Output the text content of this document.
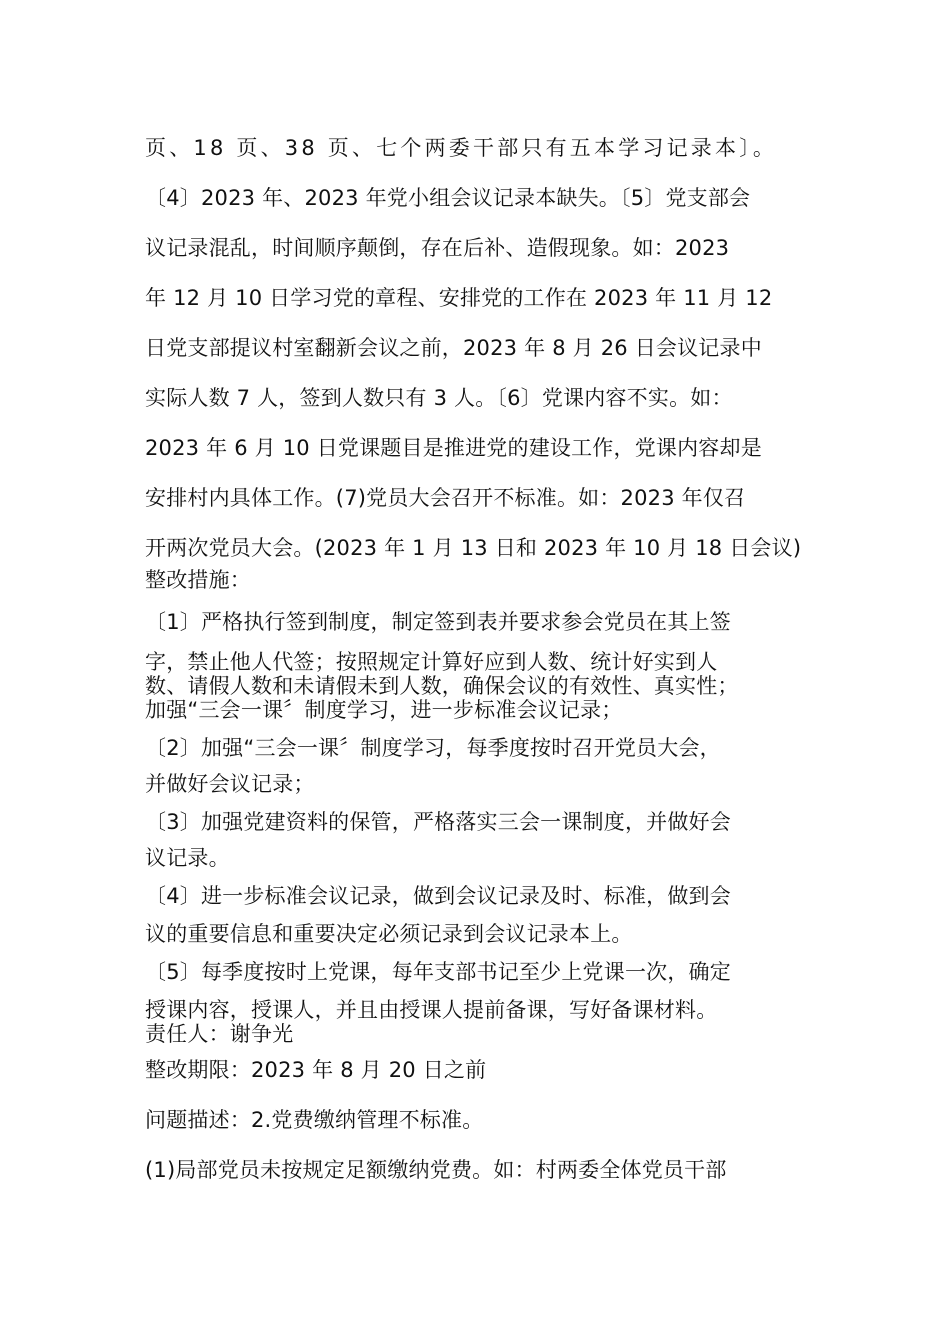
页、18 页、38 页、七个两委干部只有五本学习记录本〕。
〔4〕2023 年、2023 年党小组会议记录本缺失。〔5〕党支部会
议记录混乱，时间顺序颠倒，存在后补、造假现象。如：2023
年 12 月 10 日学习党的章程、安排党的工作在 2023 年 11 月 12
日党支部提议村室翻新会议之前，2023 年 8 月 26 日会议记录中
实际人数 7 人，签到人数只有 3 人。〔6〕党课内容不实。如：
2023 年 6 月 10 日党课题目是推进党的建设工作，党课内容却是
安排村内具体工作。(7)党员大会召开不标准。如：2023 年仅召
开两次党员大会。(2023 年 1 月 13 日和 2023 年 10 月 18 日会议)
整改措施：
〔1〕严格执行签到制度，制定签到表并要求参会党员在其上签
字，禁止他人代签；按照规定计算好应到人数、统计好实到人
数、请假人数和未请假未到人数，确保会议的有效性、真实性；
加强“三会一课〞制度学习，进一步标准会议记录；
〔2〕加强“三会一课〞制度学习，每季度按时召开党员大会，
并做好会议记录；
〔3〕加强党建资料的保管，严格落实三会一课制度，并做好会
议记录。
〔4〕进一步标准会议记录，做到会议记录及时、标准，做到会
议的重要信息和重要决定必须记录到会议记录本上。
〔5〕每季度按时上党课，每年支部书记至少上党课一次，确定
授课内容，授课人，并且由授课人提前备课，写好备课材料。
责任人：谢争光
整改期限：2023 年 8 月 20 日之前
问题描述：2.党费缴纳管理不标准。
(1)局部党员未按规定足额缴纳党费。如：村两委全体党员干部
